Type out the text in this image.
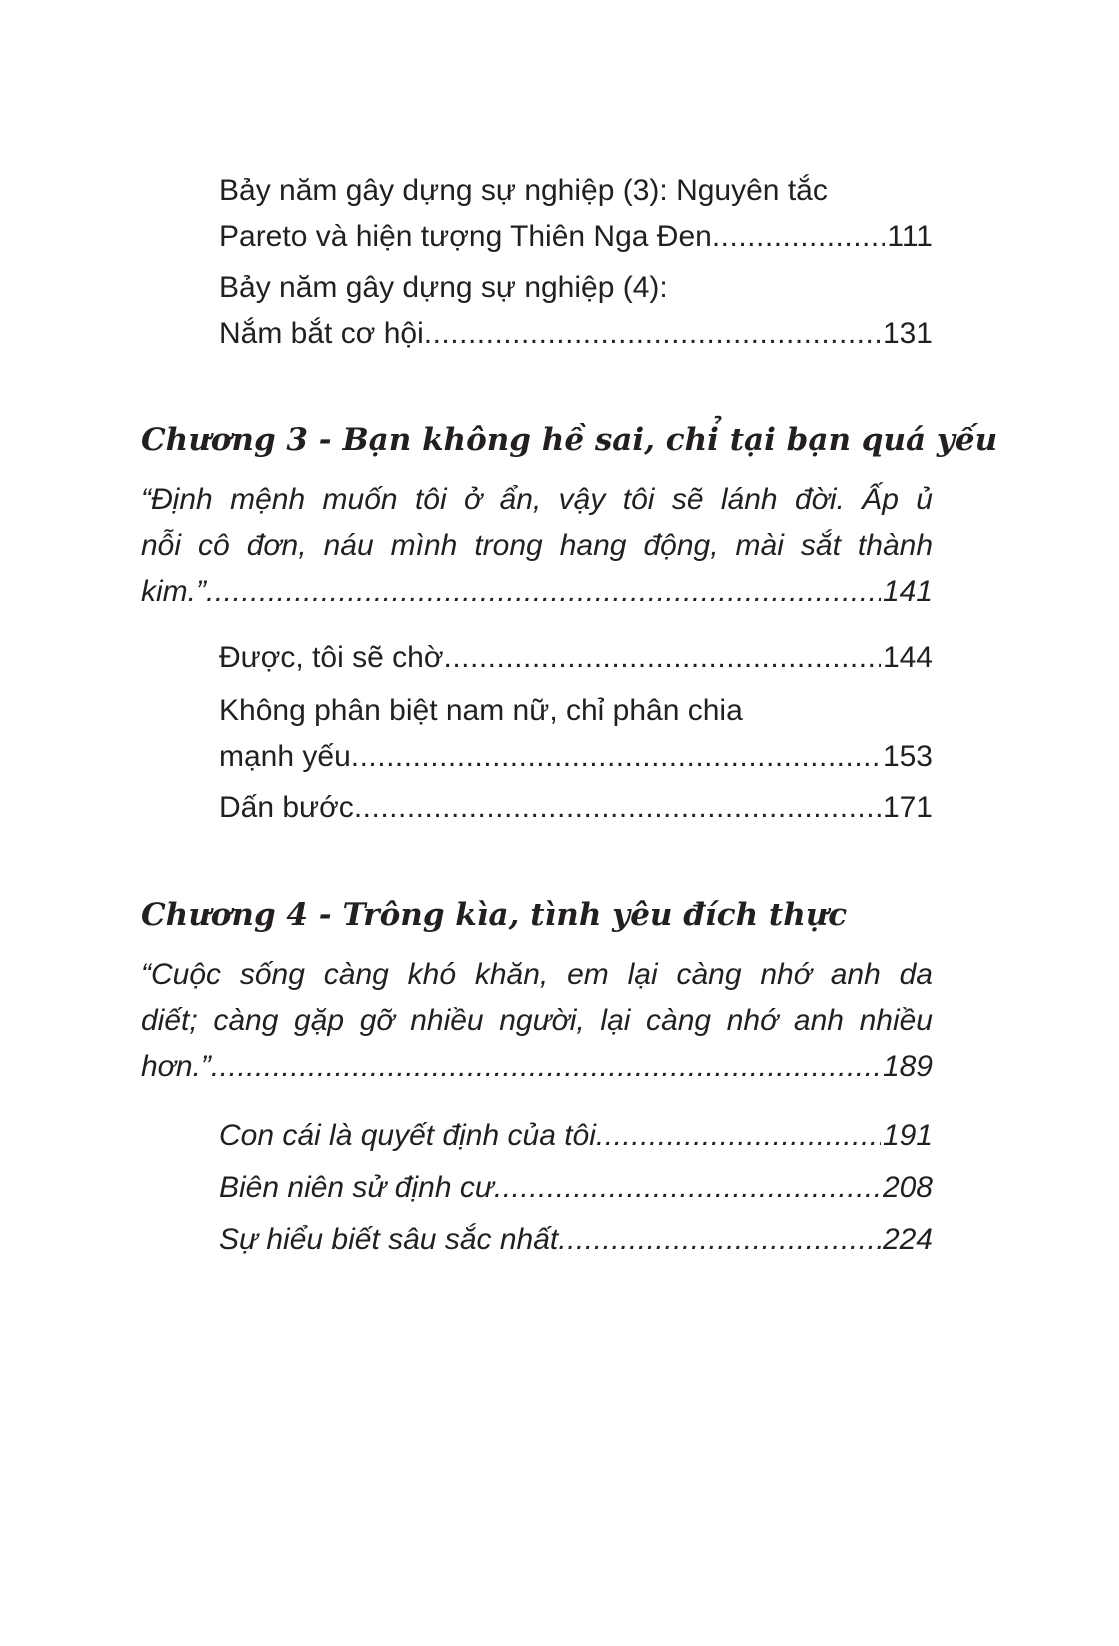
Bảy năm gây dựng sự nghiệp (3): Nguyên tắc
Pareto và hiện tượng Thiên Nga Đen .....	111
Bảy năm gây dựng sự nghiệp (4):
Nắm bắt cơ hội .....	131
Chương 3 - Bạn không hề sai, chỉ tại bạn quá yếu
“Định mệnh muốn tôi ở ẩn, vậy tôi sẽ lánh đời. Ấp ủ
nỗi cô đơn, náu mình trong hang động, mài sắt thành
kim.” .....	141
Được, tôi sẽ chờ .....	144
Không phân biệt nam nữ, chỉ phân chia
mạnh yếu .....	153
Dấn bước .....	171
Chương 4 - Trông kìa, tình yêu đích thực
“Cuộc sống càng khó khăn, em lại càng nhớ anh da
diết; càng gặp gỡ nhiều người, lại càng nhớ anh nhiều
hơn.” .....	189
Con cái là quyết định của tôi .....	191
Biên niên sử định cư .....	208
Sự hiểu biết sâu sắc nhất .....	224
